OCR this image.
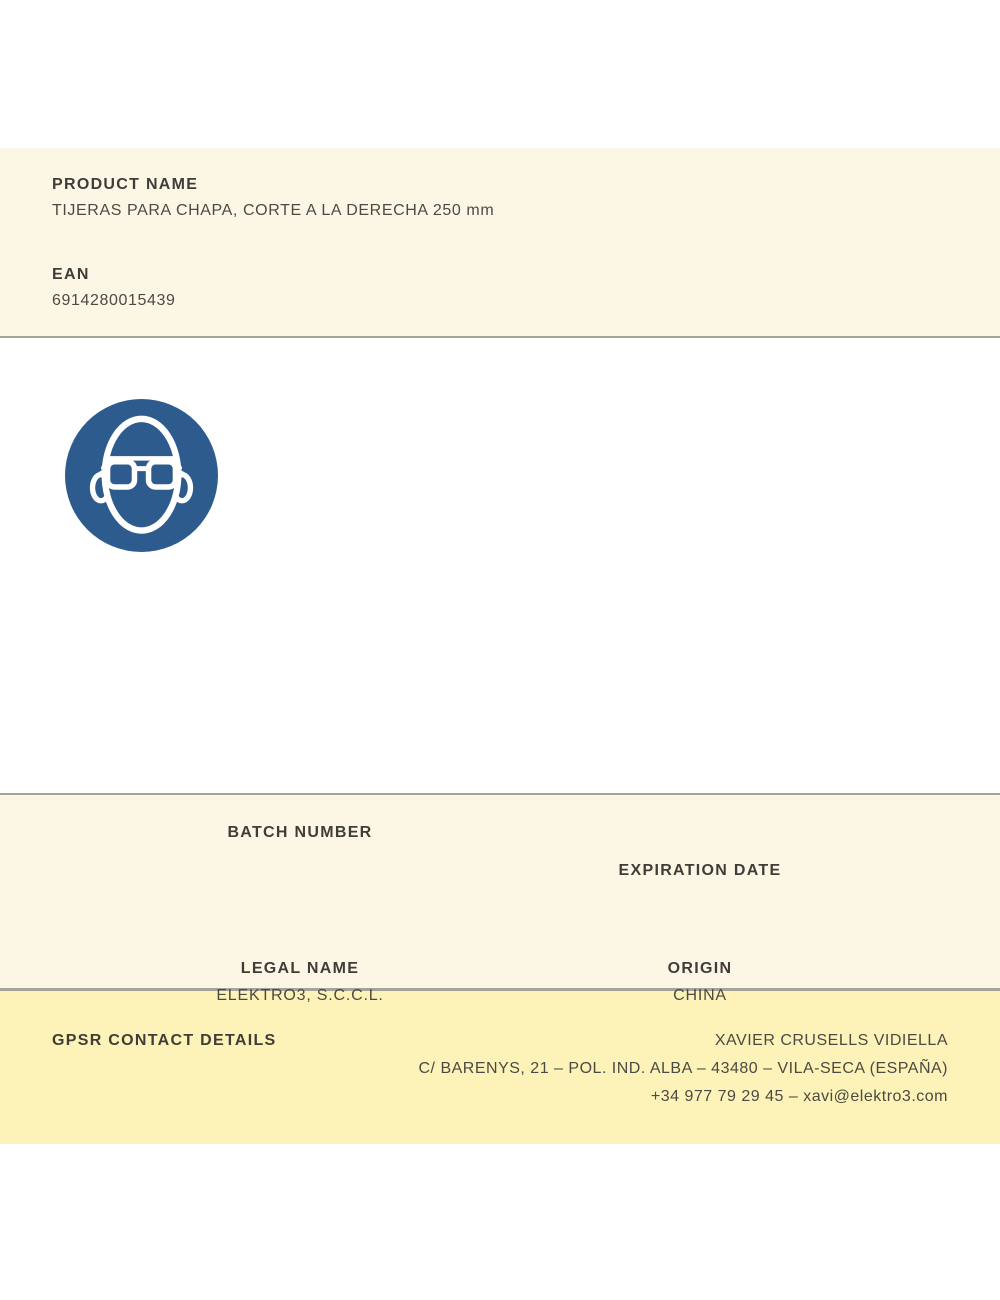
PRODUCT NAME
TIJERAS PARA CHAPA, CORTE A LA DERECHA 250 mm
EAN
6914280015439
BATCH NUMBER
EXPIRATION DATE
LEGAL NAME
ELEKTRO3, S.C.C.L.
ORIGIN
CHINA
GPSR CONTACT DETAILS	XAVIER CRUSELLS VIDIELLA
C/ BARENYS, 21 – POL. IND. ALBA – 43480 – VILA-SECA (ESPAÑA)
+34 977 79 29 45 – xavi@elektro3.com
